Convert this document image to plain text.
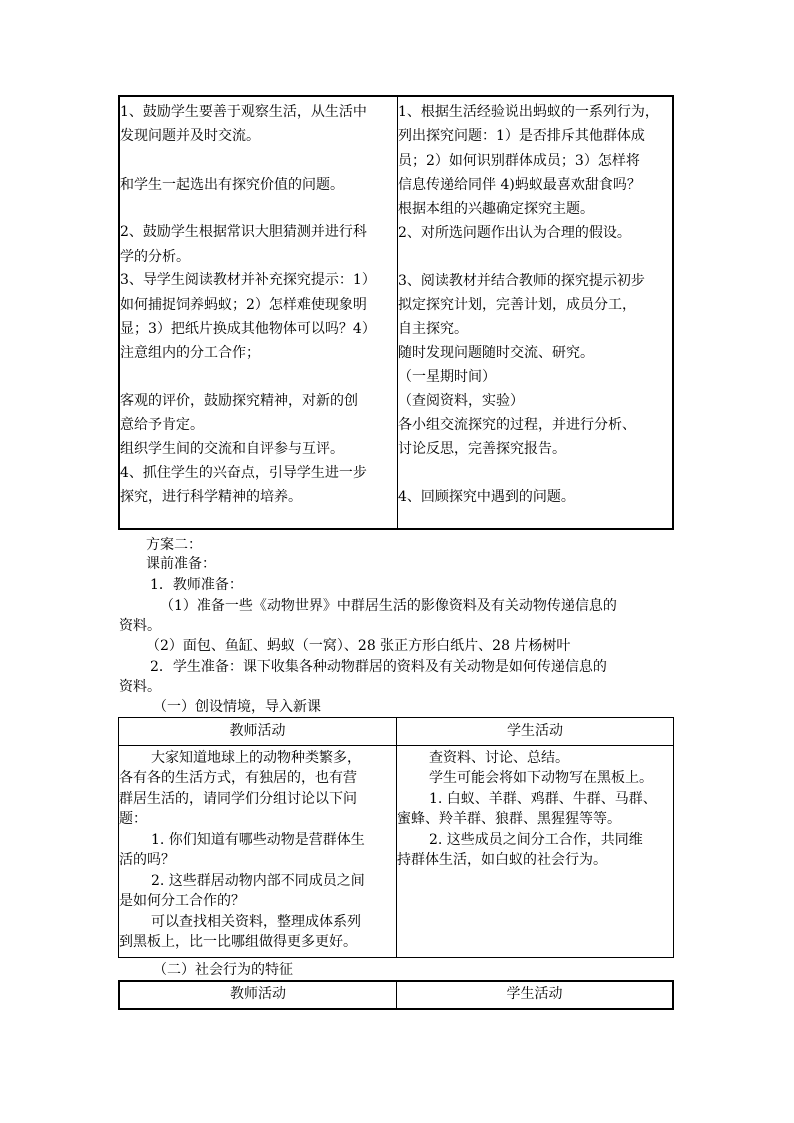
1、鼓励学生要善于观察生活，从生活中
发现问题并及时交流。
和学生一起选出有探究价值的问题。
2、鼓励学生根据常识大胆猜测并进行科
学的分析。
3、导学生阅读教材并补充探究提示：1）
如何捕捉饲养蚂蚁；2）怎样难使现象明
显；3）把纸片换成其他物体可以吗？4）
注意组内的分工合作；
客观的评价，鼓励探究精神，对新的创
意给予肯定。
组织学生间的交流和自评参与互评。
4、抓住学生的兴奋点，引导学生进一步
探究，进行科学精神的培养。
1、根据生活经验说出蚂蚁的一系列行为，
列出探究问题：1）是否排斥其他群体成
员；2）如何识别群体成员；3）怎样将
信息传递给同伴 4)蚂蚁最喜欢甜食吗？
根据本组的兴趣确定探究主题。
2、对所选问题作出认为合理的假设。
3、阅读教材并结合教师的探究提示初步
拟定探究计划，完善计划，成员分工，
自主探究。
随时发现问题随时交流、研究。
（一星期时间）
（查阅资料，实验）
各小组交流探究的过程，并进行分析、
讨论反思，完善探究报告。
4、回顾探究中遇到的问题。
方案二：
课前准备：
1．教师准备：
（1）准备一些《动物世界》中群居生活的影像资料及有关动物传递信息的
资料。
（2）面包、鱼缸、蚂蚁（一窝）、28 张正方形白纸片、28 片杨树叶
2．学生准备：课下收集各种动物群居的资料及有关动物是如何传递信息的
资料。
（一）创设情境，导入新课
教师活动	学生活动
大家知道地球上的动物种类繁多，
各有各的生活方式，有独居的，也有营
群居生活的，请同学们分组讨论以下问
题：
1. 你们知道有哪些动物是营群体生
活的吗？
2. 这些群居动物内部不同成员之间
是如何分工合作的？
可以查找相关资料，整理成体系列
到黑板上，比一比哪组做得更多更好。
查资料、讨论、总结。
学生可能会将如下动物写在黑板上。
1. 白蚁、羊群、鸡群、牛群、马群、
蜜蜂、羚羊群、狼群、黑猩猩等等。
2. 这些成员之间分工合作，共同维
持群体生活，如白蚁的社会行为。
（二）社会行为的特征
教师活动	学生活动
